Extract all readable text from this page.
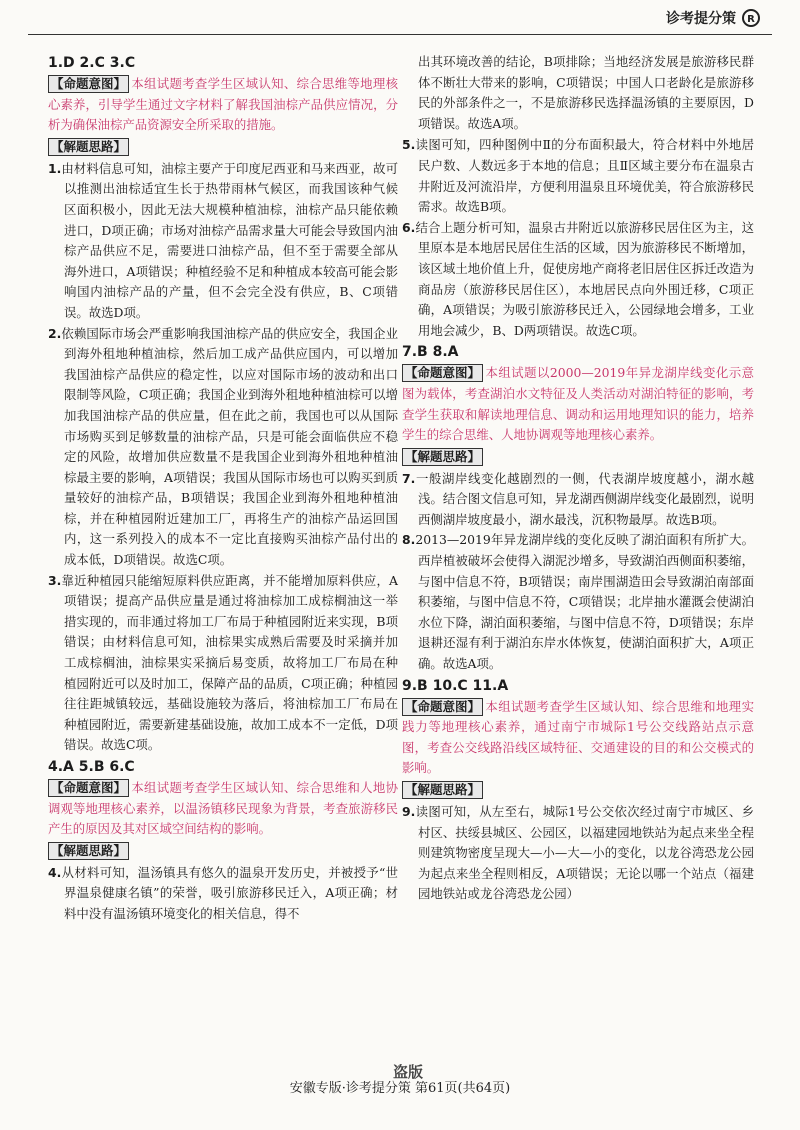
诊考提分策	R

1.D 2.C 3.C

【命题意图】 本组试题考查学生区域认知、综合思维等地理核心素养，引导学生通过文字材料了解我国油棕产品供应情况，分析为确保油棕产品资源安全所采取的措施。

【解题思路】

1.由材料信息可知，油棕主要产于印度尼西亚和马来西亚，故可以推测出油棕适宜生长于热带雨林气候区，而我国该种气候区面积极小，因此无法大规模种植油棕，油棕产品只能依赖进口，D项正确；市场对油棕产品需求量大可能会导致国内油棕产品供应不足，需要进口油棕产品，但不至于需要全部从海外进口，A项错误；种植经验不足和种植成本较高可能会影响国内油棕产品的产量，但不会完全没有供应，B、C项错误。故选D项。

2.依赖国际市场会严重影响我国油棕产品的供应安全，我国企业到海外租地种植油棕，然后加工成产品供应国内，可以增加我国油棕产品供应的稳定性，以应对国际市场的波动和出口限制等风险，C项正确；我国企业到海外租地种植油棕可以增加我国油棕产品的供应量，但在此之前，我国也可以从国际市场购买到足够数量的油棕产品，只是可能会面临供应不稳定的风险，故增加供应数量不是我国企业到海外租地种植油棕最主要的影响，A项错误；我国从国际市场也可以购买到质量较好的油棕产品，B项错误；我国企业到海外租地种植油棕，并在种植园附近建加工厂，再将生产的油棕产品运回国内，这一系列投入的成本不一定比直接购买油棕产品付出的成本低，D项错误。故选C项。

3.靠近种植园只能缩短原料供应距离，并不能增加原料供应，A项错误；提高产品供应量是通过将油棕加工成棕榈油这一举措实现的，而非通过将加工厂布局于种植园附近来实现，B项错误；由材料信息可知，油棕果实成熟后需要及时采摘并加工成棕榈油，油棕果实采摘后易变质，故将加工厂布局在种植园附近可以及时加工，保障产品的品质，C项正确；种植园往往距城镇较远，基础设施较为落后，将油棕加工厂布局在种植园附近，需要新建基础设施，故加工成本不一定低，D项错误。故选C项。

4.A 5.B 6.C

【命题意图】 本组试题考查学生区域认知、综合思维和人地协调观等地理核心素养，以温汤镇移民现象为背景，考查旅游移民产生的原因及其对区域空间结构的影响。

【解题思路】

4.从材料可知，温汤镇具有悠久的温泉开发历史，并被授予“世界温泉健康名镇”的荣誉，吸引旅游移民迁入，A项正确；材料中没有温汤镇环境变化的相关信息，得不

出其环境改善的结论，B项排除；当地经济发展是旅游移民群体不断壮大带来的影响，C项错误；中国人口老龄化是旅游移民的外部条件之一，不是旅游移民选择温汤镇的主要原因，D项错误。故选A项。

5.读图可知，四种图例中Ⅱ的分布面积最大，符合材料中外地居民户数、人数远多于本地的信息；且Ⅱ区域主要分布在温泉古井附近及河流沿岸，方便利用温泉且环境优美，符合旅游移民需求。故选B项。

6.结合上题分析可知，温泉古井附近以旅游移民居住区为主，这里原本是本地居民居住生活的区域，因为旅游移民不断增加，该区域土地价值上升，促使房地产商将老旧居住区拆迁改造为商品房（旅游移民居住区），本地居民点向外围迁移，C项正确，A项错误；为吸引旅游移民迁入，公园绿地会增多，工业用地会减少，B、D两项错误。故选C项。

7.B 8.A

【命题意图】 本组试题以2000—2019年异龙湖岸线变化示意图为载体，考查湖泊水文特征及人类活动对湖泊特征的影响，考查学生获取和解读地理信息、调动和运用地理知识的能力，培养学生的综合思维、人地协调观等地理核心素养。

【解题思路】

7.一般湖岸线变化越剧烈的一侧，代表湖岸坡度越小，湖水越浅。结合图文信息可知，异龙湖西侧湖岸线变化最剧烈，说明西侧湖岸坡度最小，湖水最浅，沉积物最厚。故选B项。

8.2013—2019年异龙湖岸线的变化反映了湖泊面积有所扩大。西岸植被破坏会使得入湖泥沙增多，导致湖泊西侧面积萎缩，与图中信息不符，B项错误；南岸围湖造田会导致湖泊南部面积萎缩，与图中信息不符，C项错误；北岸抽水灌溉会使湖泊水位下降，湖泊面积萎缩，与图中信息不符，D项错误；东岸退耕还湿有利于湖泊东岸水体恢复，使湖泊面积扩大，A项正确。故选A项。

9.B 10.C 11.A

【命题意图】 本组试题考查学生区域认知、综合思维和地理实践力等地理核心素养，通过南宁市城际1号公交线路站点示意图，考查公交线路沿线区域特征、交通建设的目的和公交模式的影响。

【解题思路】

9.读图可知，从左至右，城际1号公交依次经过南宁市城区、乡村区、扶绥县城区、公园区，以福建园地铁站为起点来坐全程则建筑物密度呈现大—小—大—小的变化，以龙谷湾恐龙公园为起点来坐全程则相反，A项错误；无论以哪一个站点（福建园地铁站或龙谷湾恐龙公园）

盗版
安徽专版·诊考提分策 第61页(共64页)
